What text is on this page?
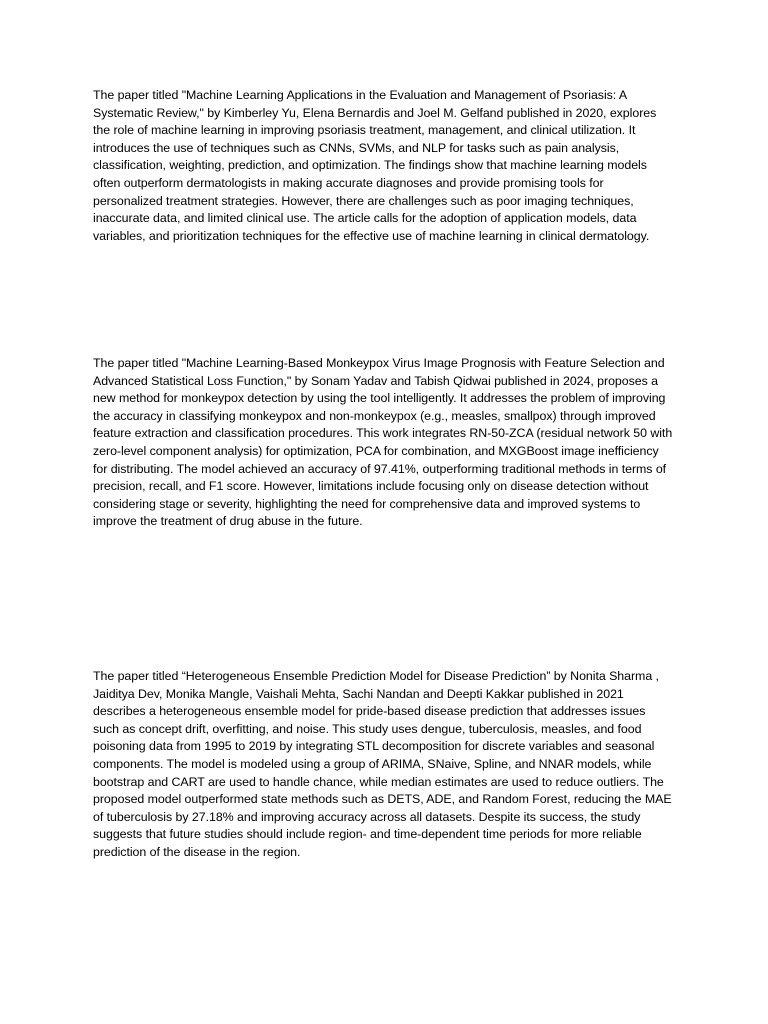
The paper titled "Machine Learning Applications in the Evaluation and Management of Psoriasis: A Systematic Review," by Kimberley Yu, Elena Bernardis and Joel M. Gelfand published in 2020, explores the role of machine learning in improving psoriasis treatment, management, and clinical utilization. It introduces the use of techniques such as CNNs, SVMs, and NLP for tasks such as pain analysis, classification, weighting, prediction, and optimization. The findings show that machine learning models often outperform dermatologists in making accurate diagnoses and provide promising tools for personalized treatment strategies. However, there are challenges such as poor imaging techniques, inaccurate data, and limited clinical use. The article calls for the adoption of application models, data variables, and prioritization techniques for the effective use of machine learning in clinical dermatology.

The paper titled "Machine Learning-Based Monkeypox Virus Image Prognosis with Feature Selection and Advanced Statistical Loss Function," by Sonam Yadav and Tabish Qidwai published in 2024, proposes a new method for monkeypox detection by using the tool intelligently. It addresses the problem of improving the accuracy in classifying monkeypox and non-monkeypox (e.g., measles, smallpox) through improved feature extraction and classification procedures. This work integrates RN-50-ZCA (residual network 50 with zero-level component analysis) for optimization, PCA for combination, and MXGBoost image inefficiency for distributing. The model achieved an accuracy of 97.41%, outperforming traditional methods in terms of precision, recall, and F1 score. However, limitations include focusing only on disease detection without considering stage or severity, highlighting the need for comprehensive data and improved systems to improve the treatment of drug abuse in the future.

The paper titled “Heterogeneous Ensemble Prediction Model for Disease Prediction” by Nonita Sharma , Jaiditya Dev, Monika Mangle, Vaishali Mehta, Sachi Nandan and Deepti Kakkar published in 2021 describes a heterogeneous ensemble model for pride-based disease prediction that addresses issues such as concept drift, overfitting, and noise. This study uses dengue, tuberculosis, measles, and food poisoning data from 1995 to 2019 by integrating STL decomposition for discrete variables and seasonal components. The model is modeled using a group of ARIMA, SNaive, Spline, and NNAR models, while bootstrap and CART are used to handle chance, while median estimates are used to reduce outliers. The proposed model outperformed state methods such as DETS, ADE, and Random Forest, reducing the MAE of tuberculosis by 27.18% and improving accuracy across all datasets. Despite its success, the study suggests that future studies should include region- and time-dependent time periods for more reliable prediction of the disease in the region.
